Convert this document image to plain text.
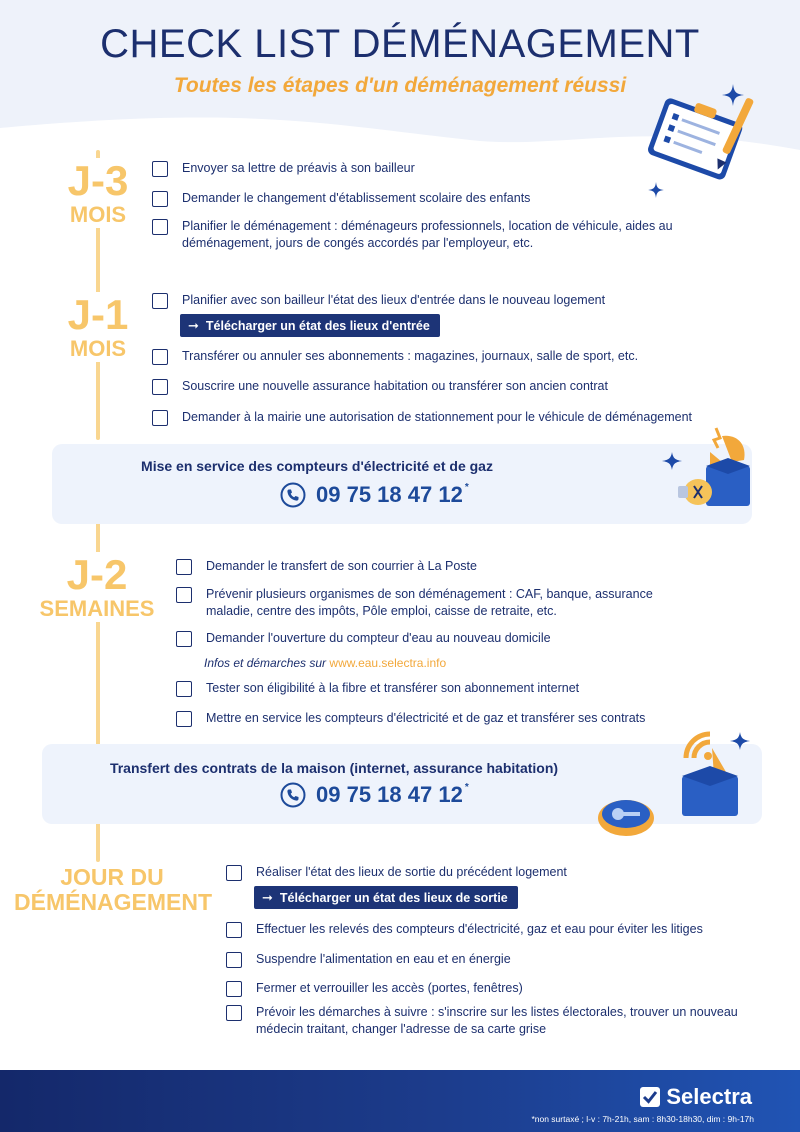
CHECK LIST DÉMÉNAGEMENT
Toutes les étapes d'un déménagement réussi
J-3
MOIS
Envoyer sa lettre de préavis à son bailleur
Demander le changement d'établissement scolaire des enfants
Planifier le déménagement : déménageurs professionnels, location de véhicule, aides au déménagement, jours de congés accordés par l'employeur, etc.
J-1
MOIS
Planifier avec son bailleur l'état des lieux d'entrée dans le nouveau logement
➞ Télécharger un état des lieux d'entrée
Transférer ou annuler ses abonnements : magazines, journaux, salle de sport, etc.
Souscrire une nouvelle assurance habitation ou transférer son ancien contrat
Demander à la mairie une autorisation de stationnement pour le véhicule de déménagement
Mise en service des compteurs d'électricité et de gaz
09 75 18 47 12*
J-2
SEMAINES
Demander le transfert de son courrier à La Poste
Prévenir plusieurs organismes de son déménagement : CAF, banque, assurance maladie, centre des impôts, Pôle emploi, caisse de retraite, etc.
Demander l'ouverture du compteur d'eau au nouveau domicile
Infos et démarches sur www.eau.selectra.info
Tester son éligibilité à la fibre et transférer son abonnement internet
Mettre en service les compteurs d'électricité et de gaz et transférer ses contrats
Transfert des contrats de la maison (internet, assurance habitation)
09 75 18 47 12*
JOUR DU
DÉMÉNAGEMENT
Réaliser l'état des lieux de sortie du précédent logement
➞ Télécharger un état des lieux de sortie
Effectuer les relevés des compteurs d'électricité, gaz et eau pour éviter les litiges
Suspendre l'alimentation en eau et en énergie
Fermer et verrouiller les accès (portes, fenêtres)
Prévoir les démarches à suivre : s'inscrire sur les listes électorales, trouver un nouveau médecin traitant, changer l'adresse de sa carte grise
Selectra
*non surtaxé ; l-v : 7h-21h, sam : 8h30-18h30, dim : 9h-17h
